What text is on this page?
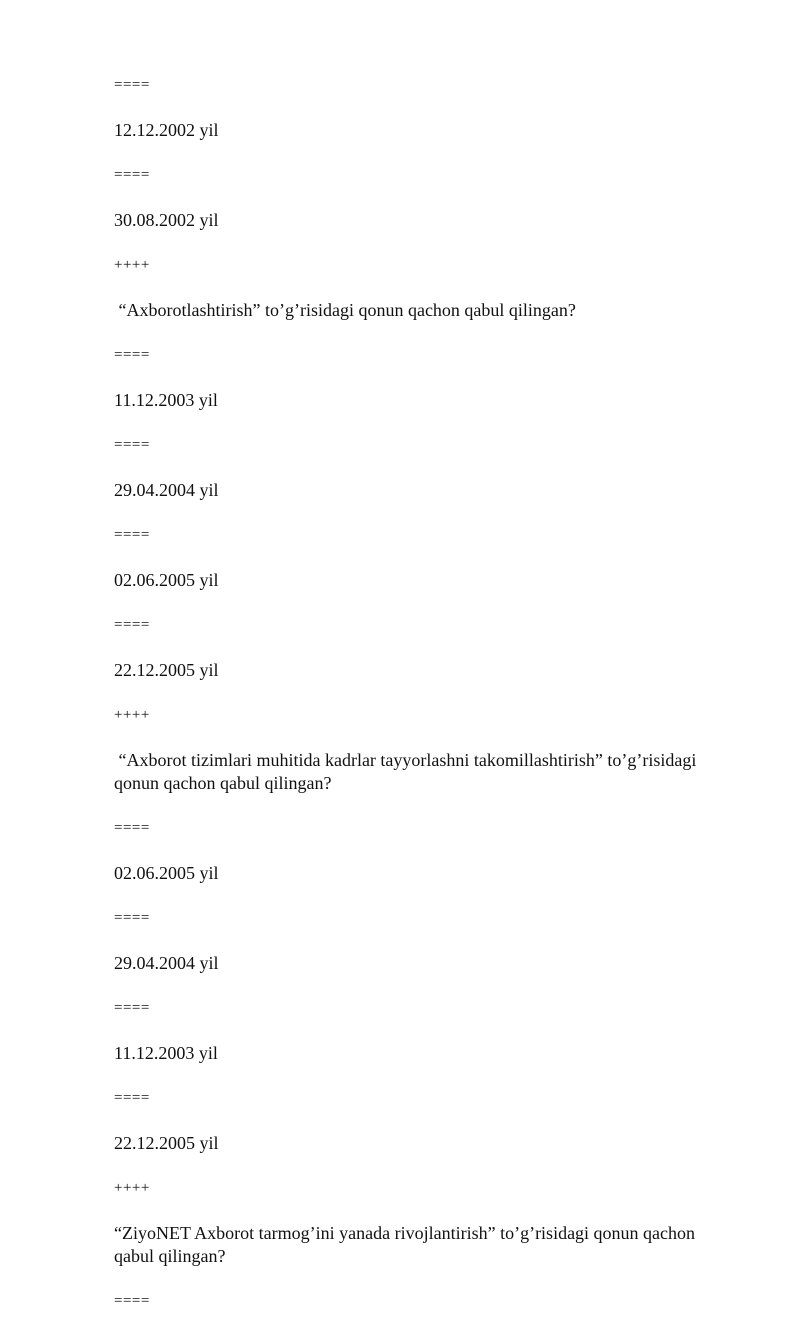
====

12.12.2002 yil

====

30.08.2002 yil

++++

“Axborotlashtirish” to’g’risidagi qonun qachon qabul qilingan?

====

11.12.2003 yil

====

29.04.2004 yil

====

02.06.2005 yil

====

22.12.2005 yil

++++

“Axborot tizimlari muhitida kadrlar tayyorlashni takomillashtirish” to’g’risidagi qonun qachon qabul qilingan?

====

02.06.2005 yil

====

29.04.2004 yil

====

11.12.2003 yil

====

22.12.2005 yil

++++

“ZiyoNET Axborot tarmog’ini yanada rivojlantirish” to’g’risidagi qonun qachon qabul qilingan?

====
